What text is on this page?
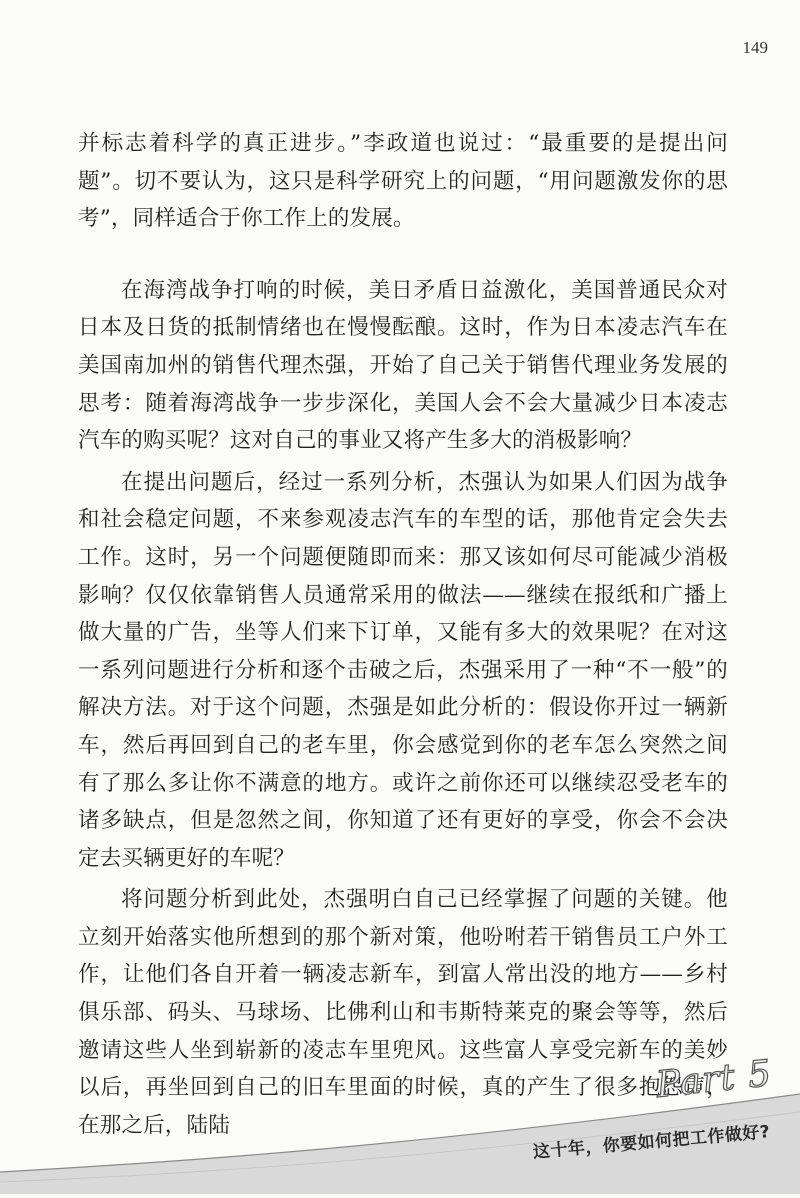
149

并标志着科学的真正进步。”李政道也说过：“最重要的是提出问题”。切不要认为，这只是科学研究上的问题，“用问题激发你的思考”，同样适合于你工作上的发展。

在海湾战争打响的时候，美日矛盾日益激化，美国普通民众对日本及日货的抵制情绪也在慢慢酝酿。这时，作为日本凌志汽车在美国南加州的销售代理杰强，开始了自己关于销售代理业务发展的思考：随着海湾战争一步步深化，美国人会不会大量减少日本凌志汽车的购买呢？这对自己的事业又将产生多大的消极影响？

在提出问题后，经过一系列分析，杰强认为如果人们因为战争和社会稳定问题，不来参观凌志汽车的车型的话，那他肯定会失去工作。这时，另一个问题便随即而来：那又该如何尽可能减少消极影响？仅仅依靠销售人员通常采用的做法——继续在报纸和广播上做大量的广告，坐等人们来下订单，又能有多大的效果呢？在对这一系列问题进行分析和逐个击破之后，杰强采用了一种“不一般”的解决方法。对于这个问题，杰强是如此分析的：假设你开过一辆新车，然后再回到自己的老车里，你会感觉到你的老车怎么突然之间有了那么多让你不满意的地方。或许之前你还可以继续忍受老车的诸多缺点，但是忽然之间，你知道了还有更好的享受，你会不会决定去买辆更好的车呢？

将问题分析到此处，杰强明白自己已经掌握了问题的关键。他立刻开始落实他所想到的那个新对策，他吩咐若干销售员工户外工作，让他们各自开着一辆凌志新车，到富人常出没的地方——乡村俱乐部、码头、马球场、比佛利山和韦斯特莱克的聚会等等，然后邀请这些人坐到崭新的凌志车里兜风。这些富人享受完新车的美妙以后，再坐回到自己的旧车里面的时候，真的产生了很多抱怨声，在那之后，陆陆

Part 5
这十年，你要如何把工作做好?
